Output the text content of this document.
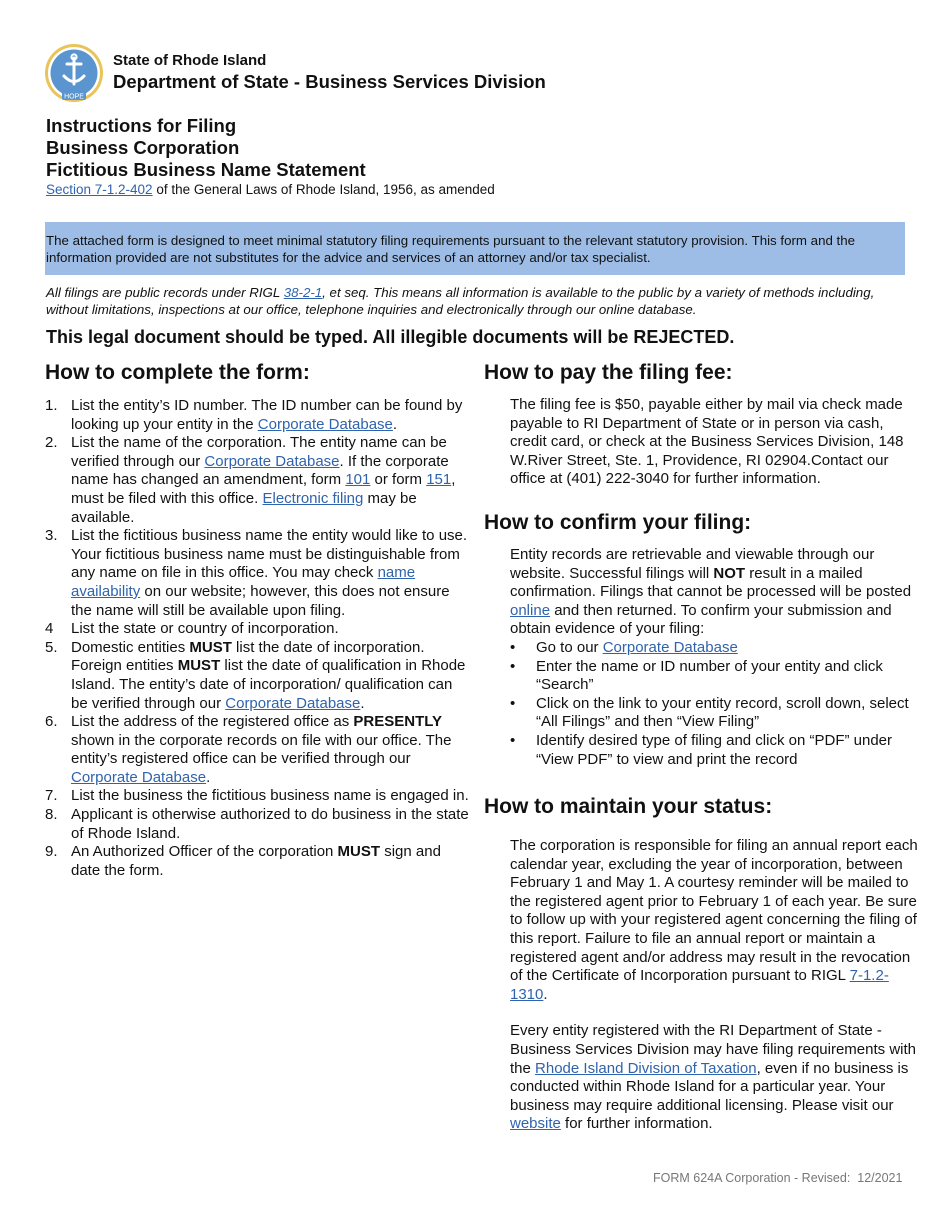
HOPE
State of Rhode Island
Department of State - Business Services Division
Instructions for Filing
Business Corporation
Fictitious Business Name Statement
Section 7-1.2-402 of the General Laws of Rhode Island, 1956, as amended
The attached form is designed to meet minimal statutory filing requirements pursuant to the relevant statutory provision. This form and the information provided are not substitutes for the advice and services of an attorney and/or tax specialist.
All filings are public records under RIGL 38-2-1, et seq. This means all information is available to the public by a variety of methods including, without limitations, inspections at our office, telephone inquiries and electronically through our online database.
This legal document should be typed. All illegible documents will be REJECTED.
How to complete the form:
1. List the entity’s ID number. The ID number can be found by looking up your entity in the Corporate Database.
2. List the name of the corporation. The entity name can be verified through our Corporate Database. If the corporate name has changed an amendment, form 101 or form 151, must be filed with this office. Electronic filing may be available.
3. List the fictitious business name the entity would like to use. Your fictitious business name must be distinguishable from any name on file in this office. You may check name availability on our website; however, this does not ensure the name will still be available upon filing.
4 List the state or country of incorporation.
5. Domestic entities MUST list the date of incorporation. Foreign entities MUST list the date of qualification in Rhode Island. The entity’s date of incorporation/ qualification can be verified through our Corporate Database.
6. List the address of the registered office as PRESENTLY shown in the corporate records on file with our office. The entity’s registered office can be verified through our Corporate Database.
7. List the business the fictitious business name is engaged in.
8. Applicant is otherwise authorized to do business in the state of Rhode Island.
9. An Authorized Officer of the corporation MUST sign and date the form.
How to pay the filing fee:
The filing fee is $50, payable either by mail via check made payable to RI Department of State or in person via cash, credit card, or check at the Business Services Division, 148 W.River Street, Ste. 1, Providence, RI 02904.Contact our office at (401) 222-3040 for further information.
How to confirm your filing:
Entity records are retrievable and viewable through our website. Successful filings will NOT result in a mailed confirmation. Filings that cannot be processed will be posted online and then returned. To confirm your submission and obtain evidence of your filing:
• Go to our Corporate Database
• Enter the name or ID number of your entity and click “Search”
• Click on the link to your entity record, scroll down, select “All Filings” and then “View Filing”
• Identify desired type of filing and click on “PDF” under “View PDF” to view and print the record
How to maintain your status:
The corporation is responsible for filing an annual report each calendar year, excluding the year of incorporation, between February 1 and May 1. A courtesy reminder will be mailed to the registered agent prior to February 1 of each year. Be sure to follow up with your registered agent concerning the filing of this report. Failure to file an annual report or maintain a registered agent and/or address may result in the revocation of the Certificate of Incorporation pursuant to RIGL 7-1.2-1310.
Every entity registered with the RI Department of State - Business Services Division may have filing requirements with the Rhode Island Division of Taxation, even if no business is conducted within Rhode Island for a particular year. Your business may require additional licensing. Please visit our website for further information.
FORM 624A Corporation - Revised:  12/2021
